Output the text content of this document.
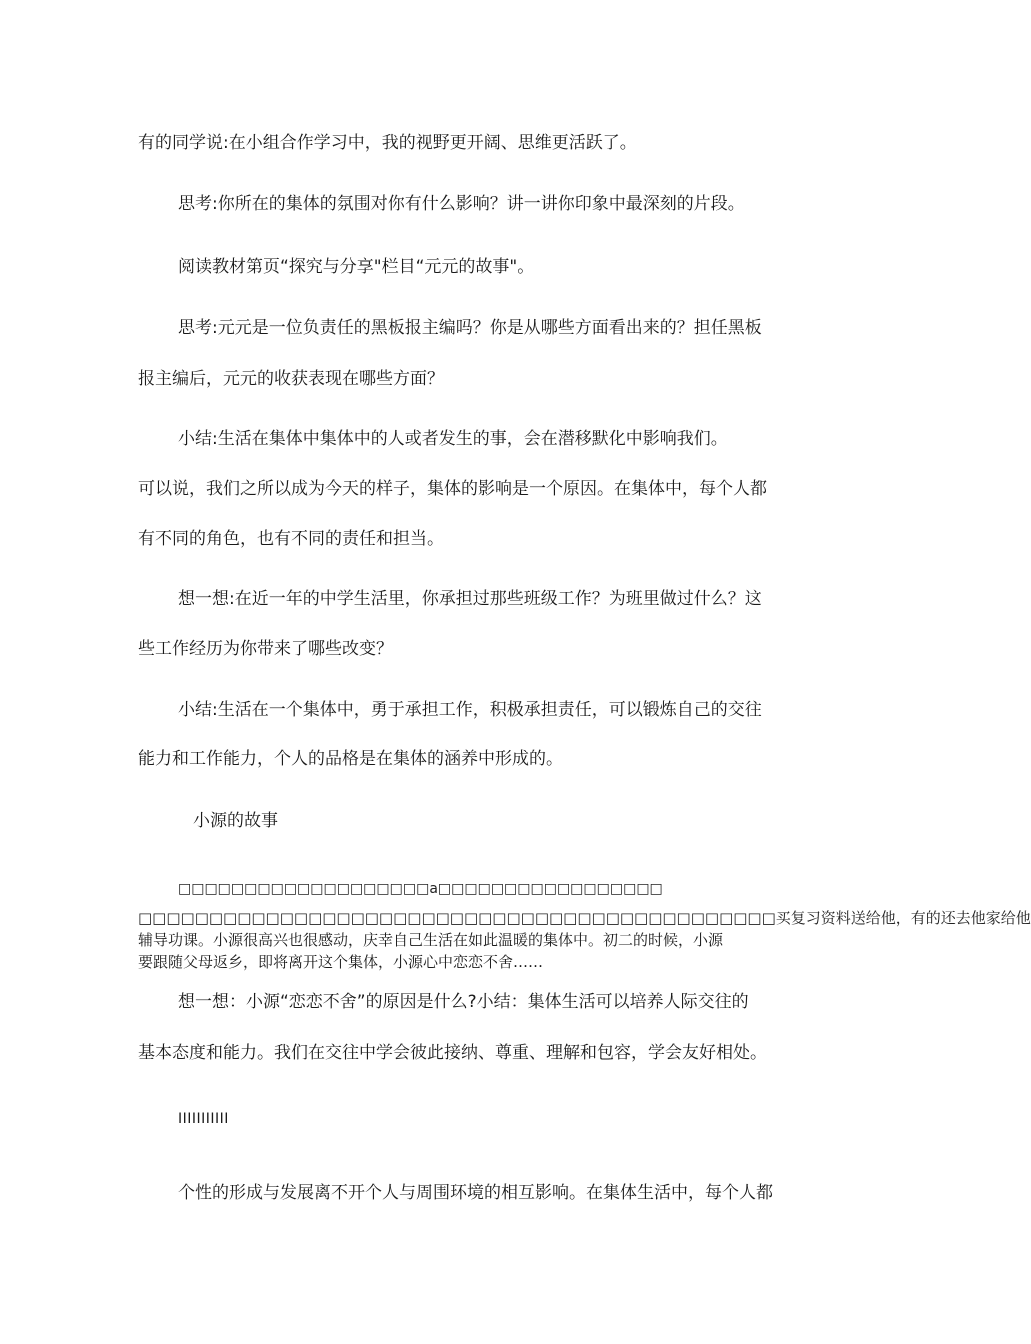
有的同学说:在小组合作学习中，我的视野更开阔、思维更活跃了。
思考:你所在的集体的氛围对你有什么影响？讲一讲你印象中最深刻的片段。
阅读教材第页“探究与分享"栏目“元元的故事"。
思考:元元是一位负责任的黑板报主编吗？你是从哪些方面看出来的？担任黑板
报主编后，元元的收获表现在哪些方面？
小结:生活在集体中集体中的人或者发生的事，会在潜移默化中影响我们。
可以说，我们之所以成为今天的样子，集体的影响是一个原因。在集体中，每个人都
有不同的角色，也有不同的责任和担当。
想一想:在近一年的中学生活里，你承担过那些班级工作？为班里做过什么？这
些工作经历为你带来了哪些改变？
小结:生活在一个集体中，勇于承担工作，积极承担责任，可以锻炼自己的交往
能力和工作能力，个人的品格是在集体的涵养中形成的。
小源的故事
□□□□□□□□□□□□□□□□□□□a□□□□□□□□□□□□□□□□□
□□□□□□□□□□□□□□□□□□□□□□□□□□□□□□□□□□□□□□□□□□□□□买复习资料送给他，有的还去他家给他
辅导功课。小源很高兴也很感动，庆幸自己生活在如此温暖的集体中。初二的时候，小源
要跟随父母返乡，即将离开这个集体，小源心中恋恋不舍……
想一想：小源“恋恋不舍”的原因是什么?小结：集体生活可以培养人际交往的
基本态度和能力。我们在交往中学会彼此接纳、尊重、理解和包容，学会友好相处。
IIIIIIIIIII
个性的形成与发展离不开个人与周围环境的相互影响。在集体生活中，每个人都
